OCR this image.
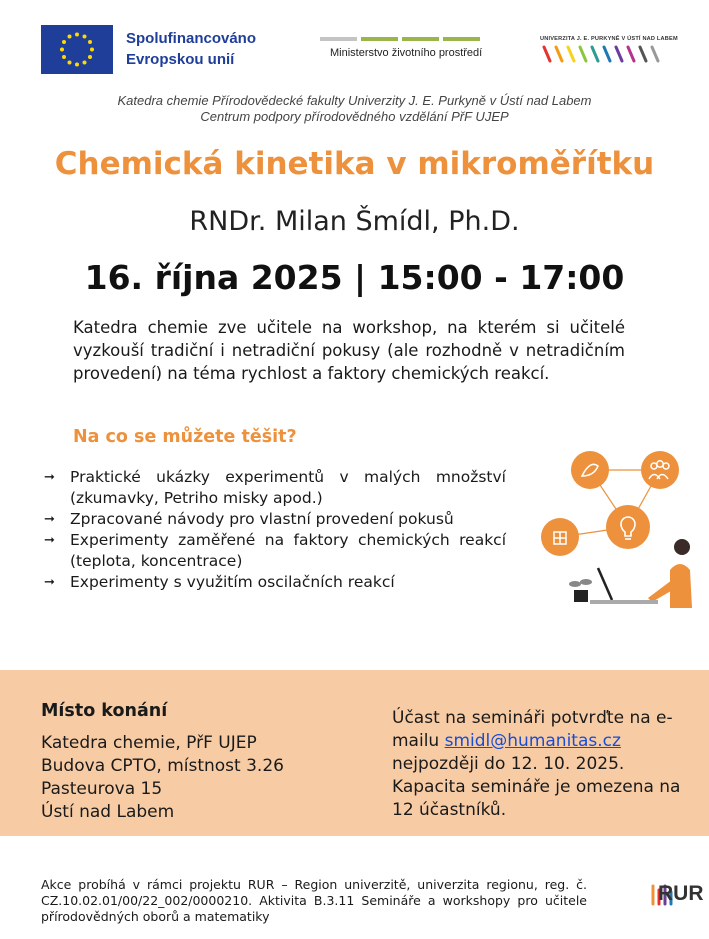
Spolufinancováno
Evropskou unií	Ministerstvo životního prostředí
UNIVERZITA J. E. PURKYNĚ V ÚSTÍ NAD LABEM
Katedra chemie Přírodovědecké fakulty Univerzity J. E. Purkyně v Ústí nad Labem
Centrum podpory přírodovědného vzdělání PřF UJEP
Chemická kinetika v mikroměřítku
RNDr. Milan Šmídl, Ph.D.
16. října 2025 | 15:00 - 17:00
Katedra chemie zve učitele na workshop, na kterém si učitelé vyzkouší tradiční i netradiční pokusy (ale rozhodně v netradičním provedení) na téma rychlost a faktory chemických reakcí.
Na co se můžete těšit?
➞ Praktické ukázky experimentů v malých množství (zkumavky, Petriho misky apod.)
➞ Zpracované návody pro vlastní provedení pokusů
➞ Experimenty zaměřené na faktory chemických reakcí (teplota, koncentrace)
➞ Experimenty s využitím oscilačních reakcí
Místo konání
Katedra chemie, PřF UJEP
Budova CPTO, místnost 3.26
Pasteurova 15
Ústí nad Labem
Účast na semináři potvrďte na e-mailu smidl@humanitas.cz nejpozději do 12. 10. 2025. Kapacita semináře je omezena na 12 účastníků.
Akce probíhá v rámci projektu RUR – Region univerzitě, univerzita regionu, reg. č. CZ.10.02.01/00/22_002/0000210. Aktivita B.3.11 Semináře a workshopy pro učitele přírodovědných oborů a matematiky
RUR
